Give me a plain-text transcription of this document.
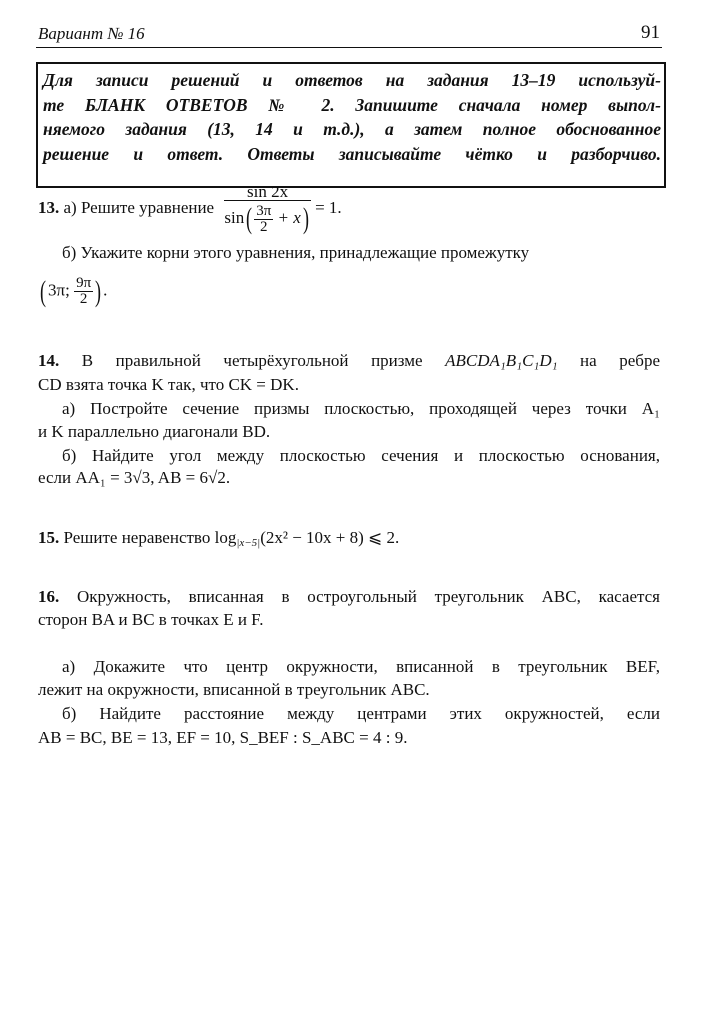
Вариант № 16	91
Для записи решений и ответов на задания 13–19 используй-
те БЛАНК ОТВЕТОВ № 2. Запишите сначала номер выпол-
няемого задания (13, 14 и т.д.), а затем полное обоснованное
решение и ответ. Ответы записывайте чётко и разборчиво.
13. а) Решите уравнение $\frac{\sin 2x}{\sin( \frac{3\pi}{2} + x)} = 1$.
б) Укажите корни этого уравнения, принадлежащие промежутку
( 3π; $\frac{9\pi}{2}$ ) .
14. В правильной четырёхугольной призме ABCDA₁B₁C₁D₁ на ребре
CD взята точка K так, что CK = DK.
а) Постройте сечение призмы плоскостью, проходящей через точки A₁
и K параллельно диагонали BD.
б) Найдите угол между плоскостью сечения и плоскостью основания,
если AA₁ = 3√3, AB = 6√2.
15. Решите неравенство $\log_{|x-5|}(2x^2 - 10x + 8)$ ⩽ 2.
16. Окружность, вписанная в остроугольный треугольник ABC, касается
сторон BA и BC в точках E и F.
а) Докажите что центр окружности, вписанной в треугольник BEF,
лежит на окружности, вписанной в треугольник ABC.
б) Найдите расстояние между центрами этих окружностей, если
AB = BC, BE = 13, EF = 10, S_BEF : S_ABC = 4 : 9.
